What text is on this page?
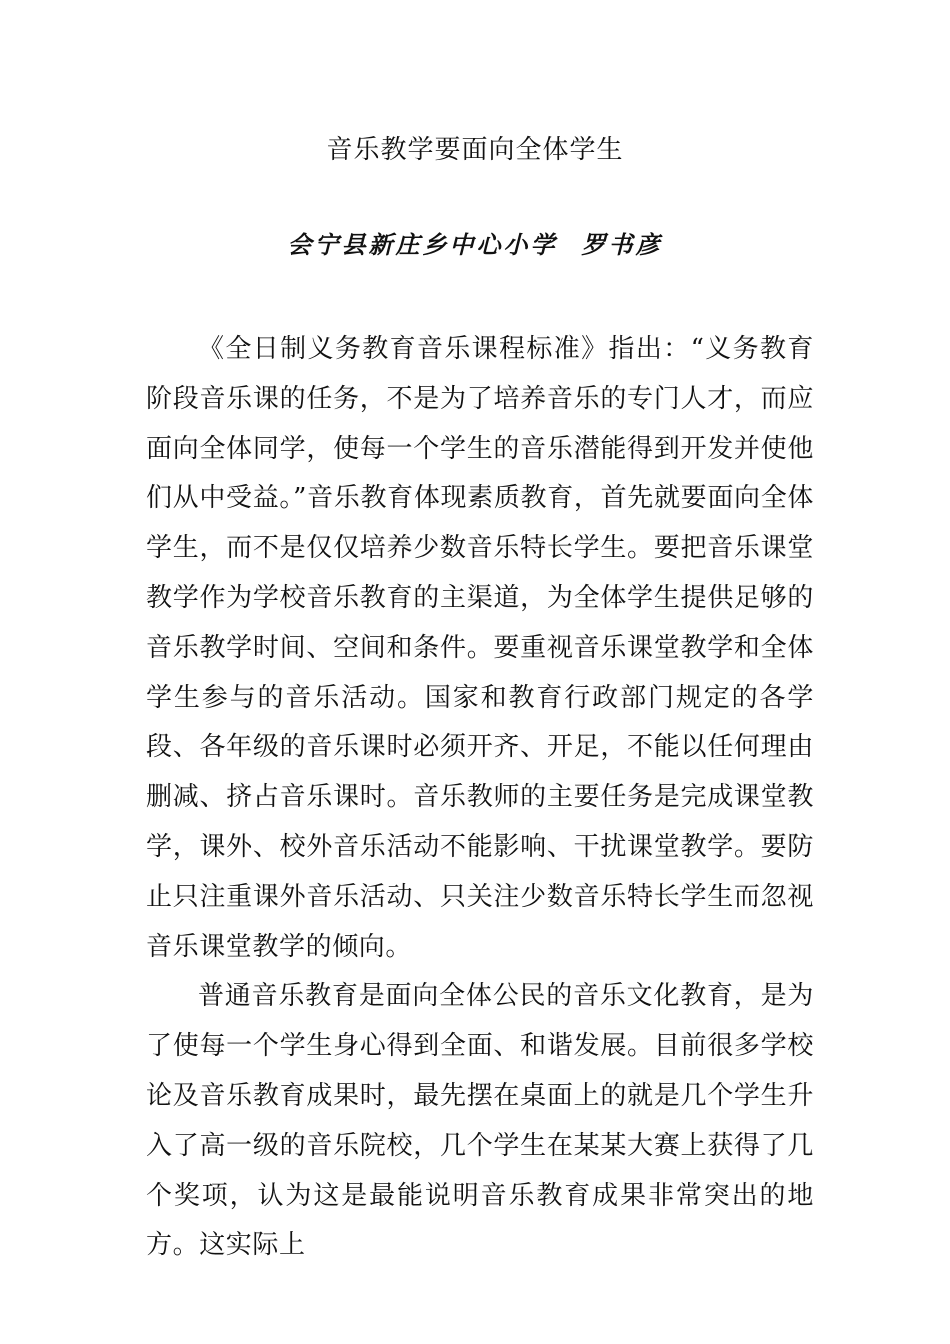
音乐教学要面向全体学生
会宁县新庄乡中心小学 罗书彦

《全日制义务教育音乐课程标准》指出：“义务教育阶段音乐课的任务，不是为了培养音乐的专门人才，而应面向全体同学，使每一个学生的音乐潜能得到开发并使他们从中受益。”音乐教育体现素质教育，首先就要面向全体学生，而不是仅仅培养少数音乐特长学生。要把音乐课堂教学作为学校音乐教育的主渠道，为全体学生提供足够的音乐教学时间、空间和条件。要重视音乐课堂教学和全体学生参与的音乐活动。国家和教育行政部门规定的各学段、各年级的音乐课时必须开齐、开足，不能以任何理由删减、挤占音乐课时。音乐教师的主要任务是完成课堂教学，课外、校外音乐活动不能影响、干扰课堂教学。要防止只注重课外音乐活动、只关注少数音乐特长学生而忽视音乐课堂教学的倾向。

普通音乐教育是面向全体公民的音乐文化教育，是为了使每一个学生身心得到全面、和谐发展。目前很多学校论及音乐教育成果时，最先摆在桌面上的就是几个学生升入了高一级的音乐院校，几个学生在某某大赛上获得了几个奖项，认为这是最能说明音乐教育成果非常突出的地方。这实际上
